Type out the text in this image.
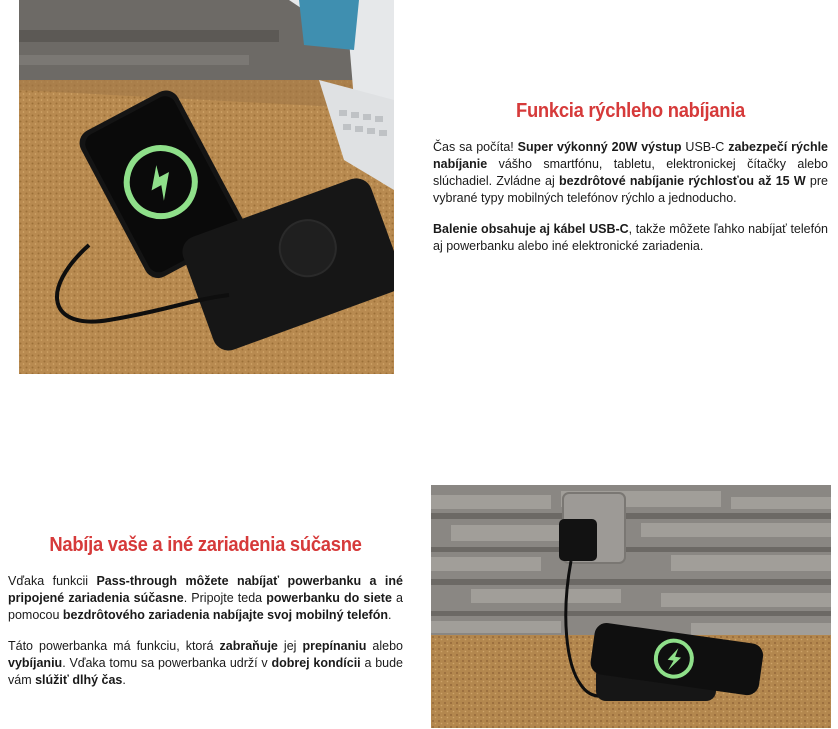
Funkcia rýchleho nabíjania

Čas sa počíta! Super výkonný 20W výstup USB-C zabezpečí rýchle nabíjanie vášho smartfónu, tabletu, elektronickej čítačky alebo slúchadiel. Zvládne aj bezdrôtové nabíjanie rýchlosťou až 15 W pre vybrané typy mobilných telefónov rýchlo a jednoducho.

Balenie obsahuje aj kábel USB-C, takže môžete ľahko nabíjať telefón aj powerbanku alebo iné elektronické zariadenia.

Nabíja vaše a iné zariadenia súčasne

Vďaka funkcii Pass-through môžete nabíjať powerbanku a iné pripojené zariadenia súčasne. Pripojte teda powerbanku do siete a pomocou bezdrôtového zariadenia nabíjajte svoj mobilný telefón.

Táto powerbanka má funkciu, ktorá zabraňuje jej prepínaniu alebo vybíjaniu. Vďaka tomu sa powerbanka udrží v dobrej kondícii a bude vám slúžiť dlhý čas.
